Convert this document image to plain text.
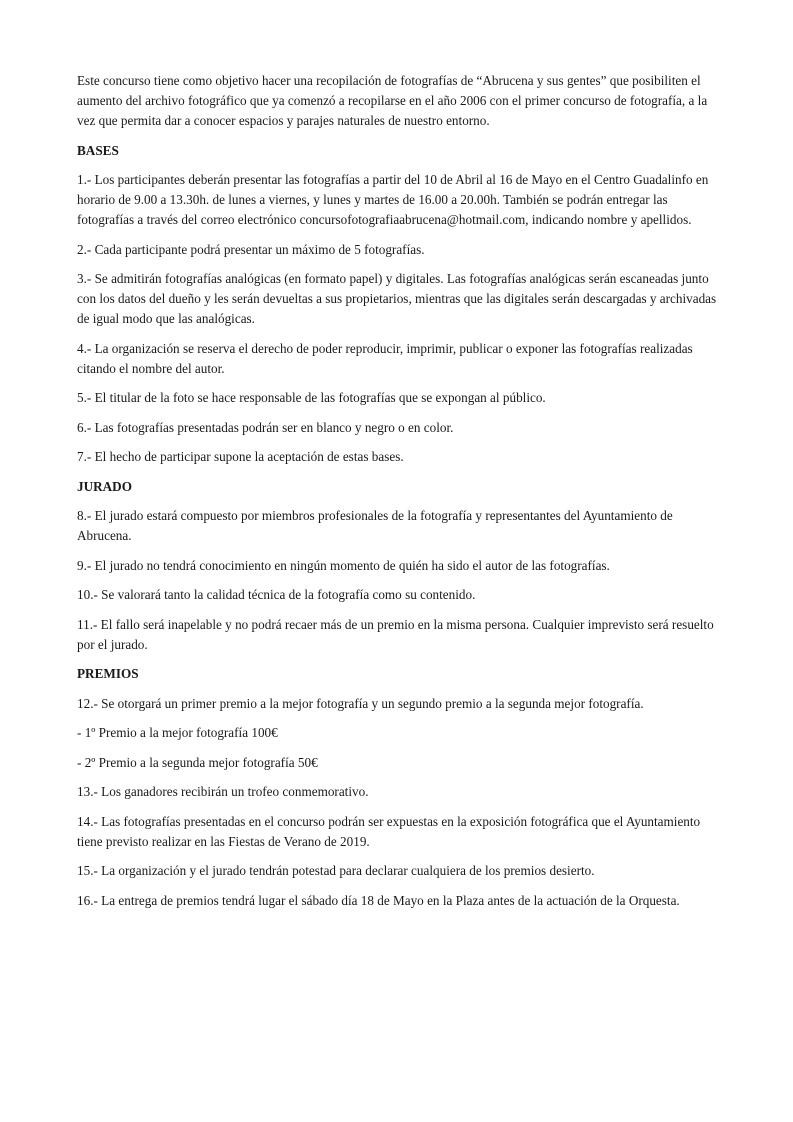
Este concurso tiene como objetivo hacer una recopilación de fotografías de “Abrucena y sus gentes” que posibiliten el aumento del archivo fotográfico que ya comenzó a recopilarse en el año 2006 con el primer concurso de fotografía, a la vez que permita dar a conocer espacios y parajes naturales de nuestro entorno.

BASES

1.- Los participantes deberán presentar las fotografías a partir del 10 de Abril al 16 de Mayo en el Centro Guadalinfo en horario de 9.00 a 13.30h. de lunes a viernes, y lunes y martes de 16.00 a 20.00h. También se podrán entregar las fotografías a través del correo electrónico concursofotografiaabrucena@hotmail.com, indicando nombre y apellidos.

2.- Cada participante podrá presentar un máximo de 5 fotografías.

3.- Se admitirán fotografías analógicas (en formato papel) y digitales. Las fotografías analógicas serán escaneadas junto con los datos del dueño y les serán devueltas a sus propietarios, mientras que las digitales serán descargadas y archivadas de igual modo que las analógicas.

4.- La organización se reserva el derecho de poder reproducir, imprimir, publicar o exponer las fotografías realizadas citando el nombre del autor.

5.- El titular de la foto se hace responsable de las fotografías que se expongan al público.

6.- Las fotografías presentadas podrán ser en blanco y negro o en color.

7.- El hecho de participar supone la aceptación de estas bases.

JURADO

8.- El jurado estará compuesto por miembros profesionales de la fotografía y representantes del Ayuntamiento de Abrucena.

9.- El jurado no tendrá conocimiento en ningún momento de quién ha sido el autor de las fotografías.

10.- Se valorará tanto la calidad técnica de la fotografía como su contenido.

11.- El fallo será inapelable y no podrá recaer más de un premio en la misma persona. Cualquier imprevisto será resuelto por el jurado.

PREMIOS

12.- Se otorgará un primer premio a la mejor fotografía y un segundo premio a la segunda mejor fotografía.

- 1º Premio a la mejor fotografía 100€

- 2º Premio a la segunda mejor fotografía 50€

13.- Los ganadores recibirán un trofeo conmemorativo.

14.- Las fotografías presentadas en el concurso podrán ser expuestas en la exposición fotográfica que el Ayuntamiento tiene previsto realizar en las Fiestas de Verano de 2019.

15.- La organización y el jurado tendrán potestad para declarar cualquiera de los premios desierto.

16.- La entrega de premios tendrá lugar el sábado día 18 de Mayo en la Plaza antes de la actuación de la Orquesta.
